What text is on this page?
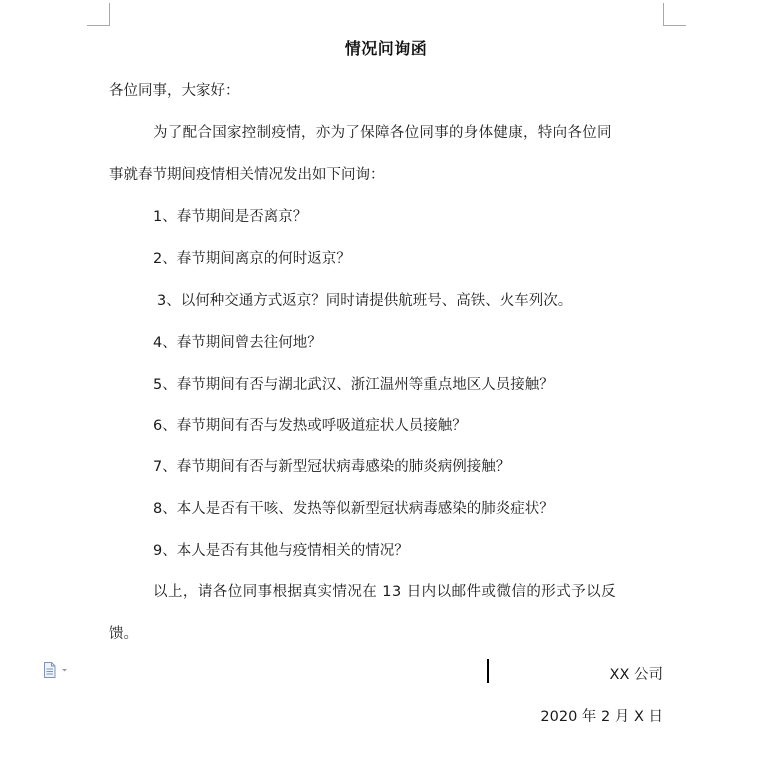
情况问询函
各位同事，大家好：
为了配合国家控制疫情，亦为了保障各位同事的身体健康，特向各位同
事就春节期间疫情相关情况发出如下问询：
1、春节期间是否离京？
2、春节期间离京的何时返京？
3、以何种交通方式返京？同时请提供航班号、高铁、火车列次。
4、春节期间曾去往何地？
5、春节期间有否与湖北武汉、浙江温州等重点地区人员接触？
6、春节期间有否与发热或呼吸道症状人员接触？
7、春节期间有否与新型冠状病毒感染的肺炎病例接触？
8、本人是否有干咳、发热等似新型冠状病毒感染的肺炎症状？
9、本人是否有其他与疫情相关的情况？
以上，请各位同事根据真实情况在 13 日内以邮件或微信的形式予以反
馈。
XX 公司
2020 年 2 月 X 日
